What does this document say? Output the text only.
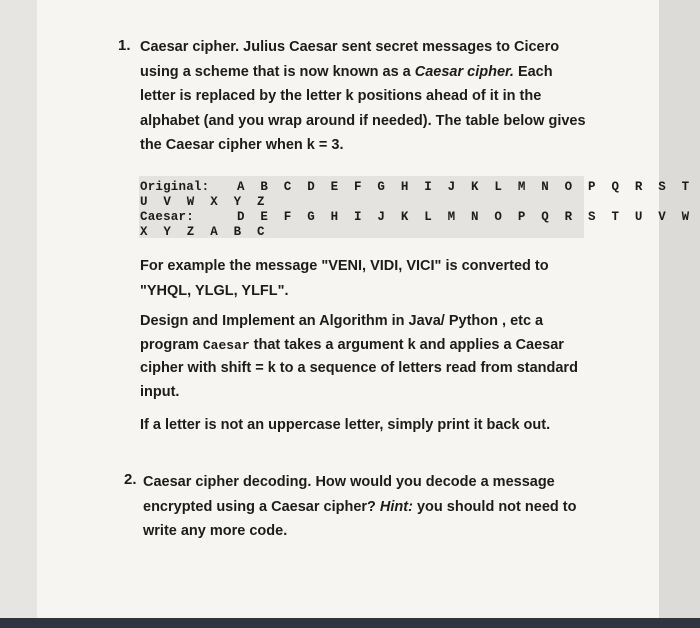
1. Caesar cipher. Julius Caesar sent secret messages to Cicero
using a scheme that is now known as a Caesar cipher. Each
letter is replaced by the letter k positions ahead of it in the
alphabet (and you wrap around if needed). The table below gives
the Caesar cipher when k = 3.
Original: A B C D E F G H I J K L M N O P Q R S T
U V W X Y Z
Caesar:	D E F G H I J K L M N O P Q R S T U V W
X Y Z A B C
For example the message "VENI, VIDI, VICI" is converted to
"YHQL, YLGL, YLFL".
Design and Implement an Algorithm in Java/ Python , etc a
program Caesar that takes a argument k and applies a Caesar
cipher with shift = k to a sequence of letters read from standard
input.
If a letter is not an uppercase letter, simply print it back out.
2. Caesar cipher decoding. How would you decode a message
encrypted using a Caesar cipher? Hint: you should not need to
write any more code.
